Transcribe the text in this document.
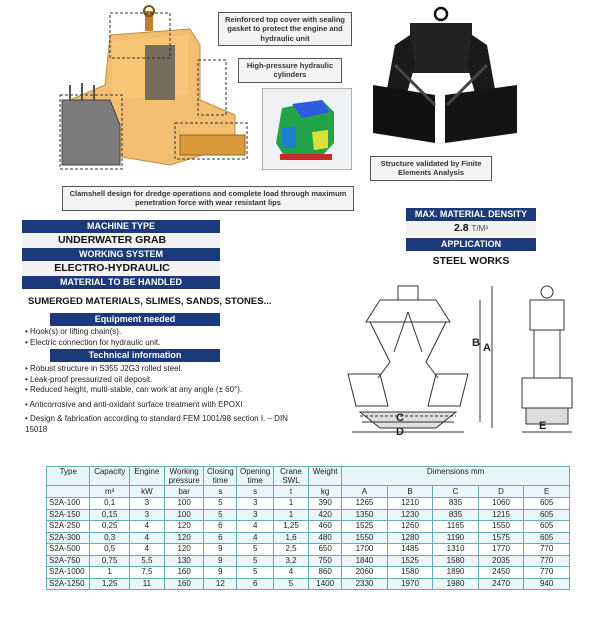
Reinforced top cover with sealing gasket to protect the engine and hydraulic unit
High-pressure hydraulic cylinders
Structure validated by Finite Elements Analysis
Clamshell design for dredge operations and complete load through maximum penetration force with wear resistant lips
MACHINE TYPE
UNDERWATER GRAB
WORKING SYSTEM
ELECTRO-HYDRAULIC
MATERIAL TO BE HANDLED
SUMERGED MATERIALS, SLIMES, SANDS, STONES...
Equipment needed
• Hook(s) or lifting chain(s).
• Electric connection for hydraulic unit.
Technical information
• Robust structure in S355 J2G3 rolled steel.
• Leak-proof pressurized oil deposit.
• Reduced height, multi-stable, can work at any angle (± 60°).
• Anticorrosive and anti-oxidant surface treatment with EPOXI
• Design & fabrication according to standard FEM 1001/98 section I. – DIN 15018
MAX. MATERIAL DENSITY
2.8 T/M³
APPLICATION
STEEL WORKS
A
B
C
D	E
Type	Capacity	Engine	Working pressure	Closing time	Opening time	Crane SWL	Weight	Dimensions mm				
	m³	kW	bar	s	s	t	kg	A	B	C	D	E
S2A-100	0,1	3	100	5	3	1	390	1265	1210	835	1060	605
S2A-150	0,15	3	100	5	3	1	420	1350	1230	835	1215	605
S2A-250	0,25	4	120	6	4	1,25	460	1525	1260	1165	1550	605
S2A-300	0,3	4	120	6	4	1,6	480	1550	1280	1190	1575	605
S2A-500	0,5	4	120	9	5	2,5	650	1700	1485	1310	1770	770
S2A-750	0,75	5,5	130	9	5	3,2	750	1840	1525	1580	2035	770
S2A-1000	1	7,5	160	9	5	4	860	2060	1580	1890	2450	770
S2A-1250	1,25	11	160	12	6	5	1400	2330	1970	1980	2470	940
